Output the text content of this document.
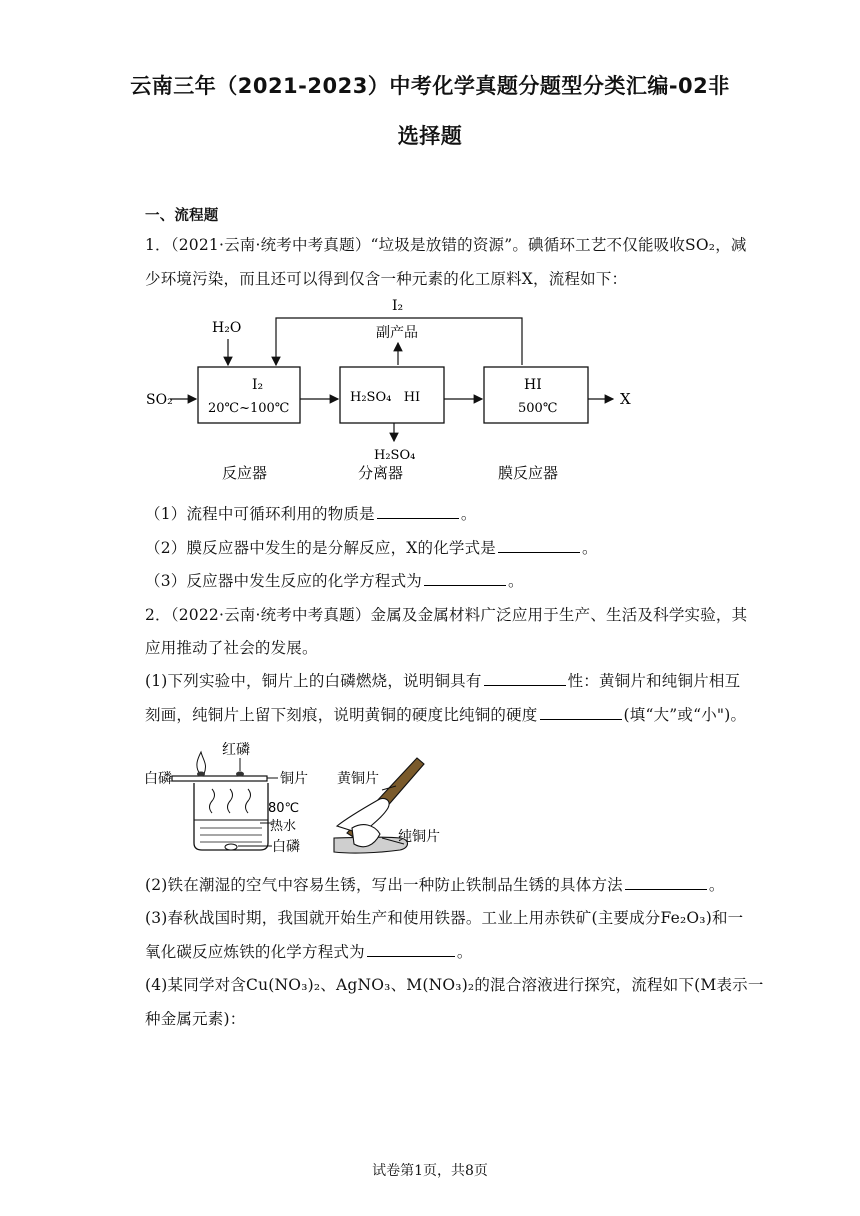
云南三年（2021-2023）中考化学真题分题型分类汇编-02非
选择题
一、流程题
1．（2021·云南·统考中考真题）“垃圾是放错的资源”。碘循环工艺不仅能吸收SO₂，减
少环境污染，而且还可以得到仅含一种元素的化工原料X，流程如下：
H₂O
SO₂
I₂
副产品
I₂
20℃~100℃
H₂SO₄   HI
HI
500℃
X
H₂SO₄
反应器	分离器	膜反应器
（1）流程中可循环利用的物质是	。
（2）膜反应器中发生的是分解反应，X的化学式是	。
（3）反应器中发生反应的化学方程式为	。
2．（2022·云南·统考中考真题）金属及金属材料广泛应用于生产、生活及科学实验，其
应用推动了社会的发展。
(1)下列实验中，铜片上的白磷燃烧，说明铜具有	性：黄铜片和纯铜片相互
刻画，纯铜片上留下刻痕，说明黄铜的硬度比纯铜的硬度	(填“大”或“小")。
白磷
红磷
铜片
80℃
热水
白磷
黄铜片
纯铜片
(2)铁在潮湿的空气中容易生锈，写出一种防止铁制品生锈的具体方法	。
(3)春秋战国时期，我国就开始生产和使用铁器。工业上用赤铁矿(主要成分Fe₂O₃)和一
氧化碳反应炼铁的化学方程式为	。
(4)某同学对含Cu(NO₃)₂、AgNO₃、M(NO₃)₂的混合溶液进行探究，流程如下(M表示一
种金属元素)：
试卷第1页，共8页
